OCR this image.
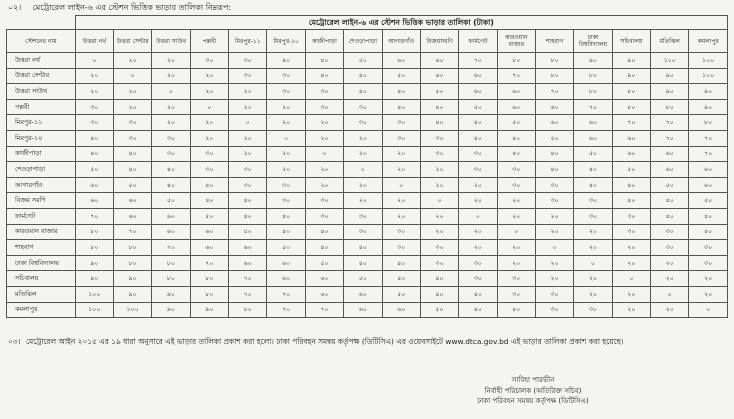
০২। মেট্রোরেল লাইন-৬ এর স্টেশন ভিত্তিক ভাড়ার তালিকা নিম্নরূপ:
	মেট্রোরেল লাইন-৬ এর স্টেশন ভিত্তিক ভাড়ার তালিকা (টাকা)																
স্টেশনের নাম	উত্তরা নর্থ	উত্তরা সেন্টার	উত্তরা সাউথ	পল্লবী	মিরপুর-১১	মিরপুর-১০	কাজীপাড়া	শেওড়াপাড়া	আগারগাঁও	বিজয়সরণি	ফার্মগেট	কারওয়ান বাজার	শাহবাগ	ঢাকা বিশ্ববিদ্যালয়	সচিবালয়	মতিঝিল	কমলাপুর
উত্তরা নর্থ	০	২০	২০	৩০	৩০	৪০	৪০	৫০	৬০	৬০	৭০	৮০	৮০	৯০	৯০	১০০	১০০
উত্তরা সেন্টার	২০	০	২০	২০	৩০	৩০	৪০	৪০	৫০	৬০	৬০	৭০	৮০	৮০	৯০	৯০	১০০
উত্তরা সাউথ	২০	২০	০	২০	২০	৩০	৩০	৪০	৪০	৫০	৬০	৬০	৭০	৮০	৮০	৯০	৯০
পল্লবী	৩০	২০	২০	০	২০	২০	৩০	৩০	৪০	৪০	৫০	৬০	৬০	৭০	৮০	৮০	৯০
মিরপুর-১১	৩০	৩০	২০	২০	০	২০	২০	৩০	৩০	৪০	৪০	৫০	৬০	৬০	৭০	৭০	৮০
মিরপুর-১০	৪০	৩০	৩০	২০	২০	০	২০	২০	৩০	৩০	৪০	৪০	৫০	৬০	৬০	৭০	৭০
কাজীপাড়া	৪০	৪০	৩০	৩০	২০	২০	০	২০	২০	৩০	৩০	৪০	৪০	৫০	৬০	৬০	৭০
শেওড়াপাড়া	৫০	৪০	৪০	৩০	৩০	২০	২০	০	২০	২০	৩০	৩০	৪০	৪০	৫০	৬০	৬০
আগারগাঁও	৬০	৫০	৪০	৪০	৩০	৩০	২০	২০	০	২০	২০	৩০	৩০	৪০	৪০	৫০	৬০
বিজয় সরণি	৬০	৬০	৫০	৪০	৪০	৩০	৩০	২০	২০	০	২০	২০	৩০	৩০	৪০	৪০	৫০
ফার্মগেট	৭০	৬০	৬০	৫০	৪০	৪০	৩০	৩০	২০	২০	০	২০	২০	৩০	৩০	৪০	৪০
কারওয়ান বাজার	৮০	৭০	৬০	৬০	৫০	৪০	৪০	৩০	৩০	২০	২০	০	২০	২০	৩০	৩০	৪০
শাহবাগ	৮০	৮০	৭০	৬০	৬০	৫০	৪০	৪০	৩০	৩০	২০	২০	০	২০	২০	৩০	৩০
ঢাকা বিশ্ববিদ্যালয়	৯০	৮০	৮০	৭০	৬০	৬০	৫০	৪০	৪০	৩০	৩০	২০	২০	০	২০	২০	৩০
সচিবালয়	৯০	৯০	৮০	৮০	৭০	৬০	৬০	৫০	৪০	৪০	৩০	৩০	২০	২০	০	২০	২০
মতিঝিল	১০০	৯০	৯০	৮০	৭০	৭০	৬০	৬০	৫০	৪০	৪০	৩০	৩০	২০	২০	০	২০
কমলাপুর	১০০	১০০	৯০	৯০	৮০	৭০	৭০	৬০	৬০	৫০	৪০	৪০	৩০	৩০	২০	২০	০
০৩। মেট্রোরেল আইন ২০১৫ এর ১৯ ধারা অনুসারে এই ভাড়ার তালিকা প্রকাশ করা হলো। ঢাকা পরিবহন সমন্বয় কর্তৃপক্ষ (ডিটিসিএ) এর ওয়েবসাইটে www.dtca.gov.bd এই ভাড়ার তালিকা প্রকাশ করা হয়েছে।
সাবিহা পারভীন
নির্বাহী পরিচালক (অতিরিক্ত সচিব)
ঢাকা পরিবহন সমন্বয় কর্তৃপক্ষ (ডিটিসিএ)
